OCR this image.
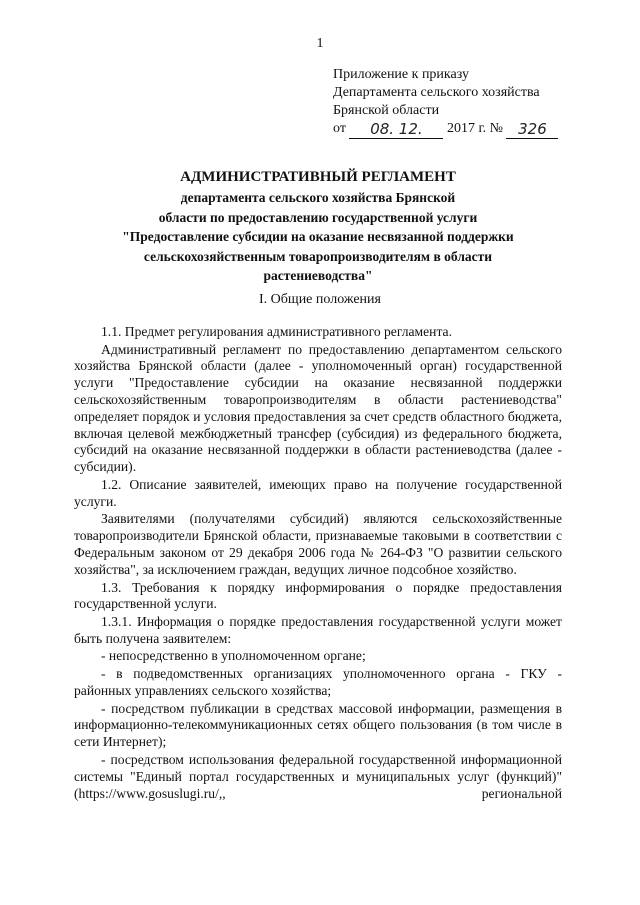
1
Приложение к приказу
Департамента сельского хозяйства
Брянской области
от 08. 12. 2017 г. № 326
АДМИНИСТРАТИВНЫЙ РЕГЛАМЕНТ
департамента сельского хозяйства Брянской
области по предоставлению государственной услуги
"Предоставление субсидии на оказание несвязанной поддержки
сельскохозяйственным товаропроизводителям в области
растениеводства"
I. Общие положения

1.1. Предмет регулирования административного регламента.

Административный регламент по предоставлению департаментом сельского хозяйства Брянской области (далее - уполномоченный орган) государственной услуги "Предоставление субсидии на оказание несвязанной поддержки сельскохозяйственным товаропроизводителям в области растениеводства" определяет порядок и условия предоставления за счет средств областного бюджета, включая целевой межбюджетный трансфер (субсидия) из федерального бюджета, субсидий на оказание несвязанной поддержки в области растениеводства (далее - субсидии).

1.2. Описание заявителей, имеющих право на получение государственной услуги.

Заявителями (получателями субсидий) являются сельскохозяйственные товаропроизводители Брянской области, признаваемые таковыми в соответствии с Федеральным законом от 29 декабря 2006 года № 264-ФЗ "О развитии сельского хозяйства", за исключением граждан, ведущих личное подсобное хозяйство.

1.3. Требования к порядку информирования о порядке предоставления государственной услуги.

1.3.1. Информация о порядке предоставления государственной услуги может быть получена заявителем:

- непосредственно в уполномоченном органе;

- в подведомственных организациях уполномоченного органа - ГКУ - районных управлениях сельского хозяйства;

- посредством публикации в средствах массовой информации, размещения в информационно-телекоммуникационных сетях общего пользования (в том числе в сети Интернет);

- посредством использования федеральной государственной информационной системы "Единый портал государственных и муниципальных услуг (функций)" (https://www.gosuslugi.ru/,, региональной
